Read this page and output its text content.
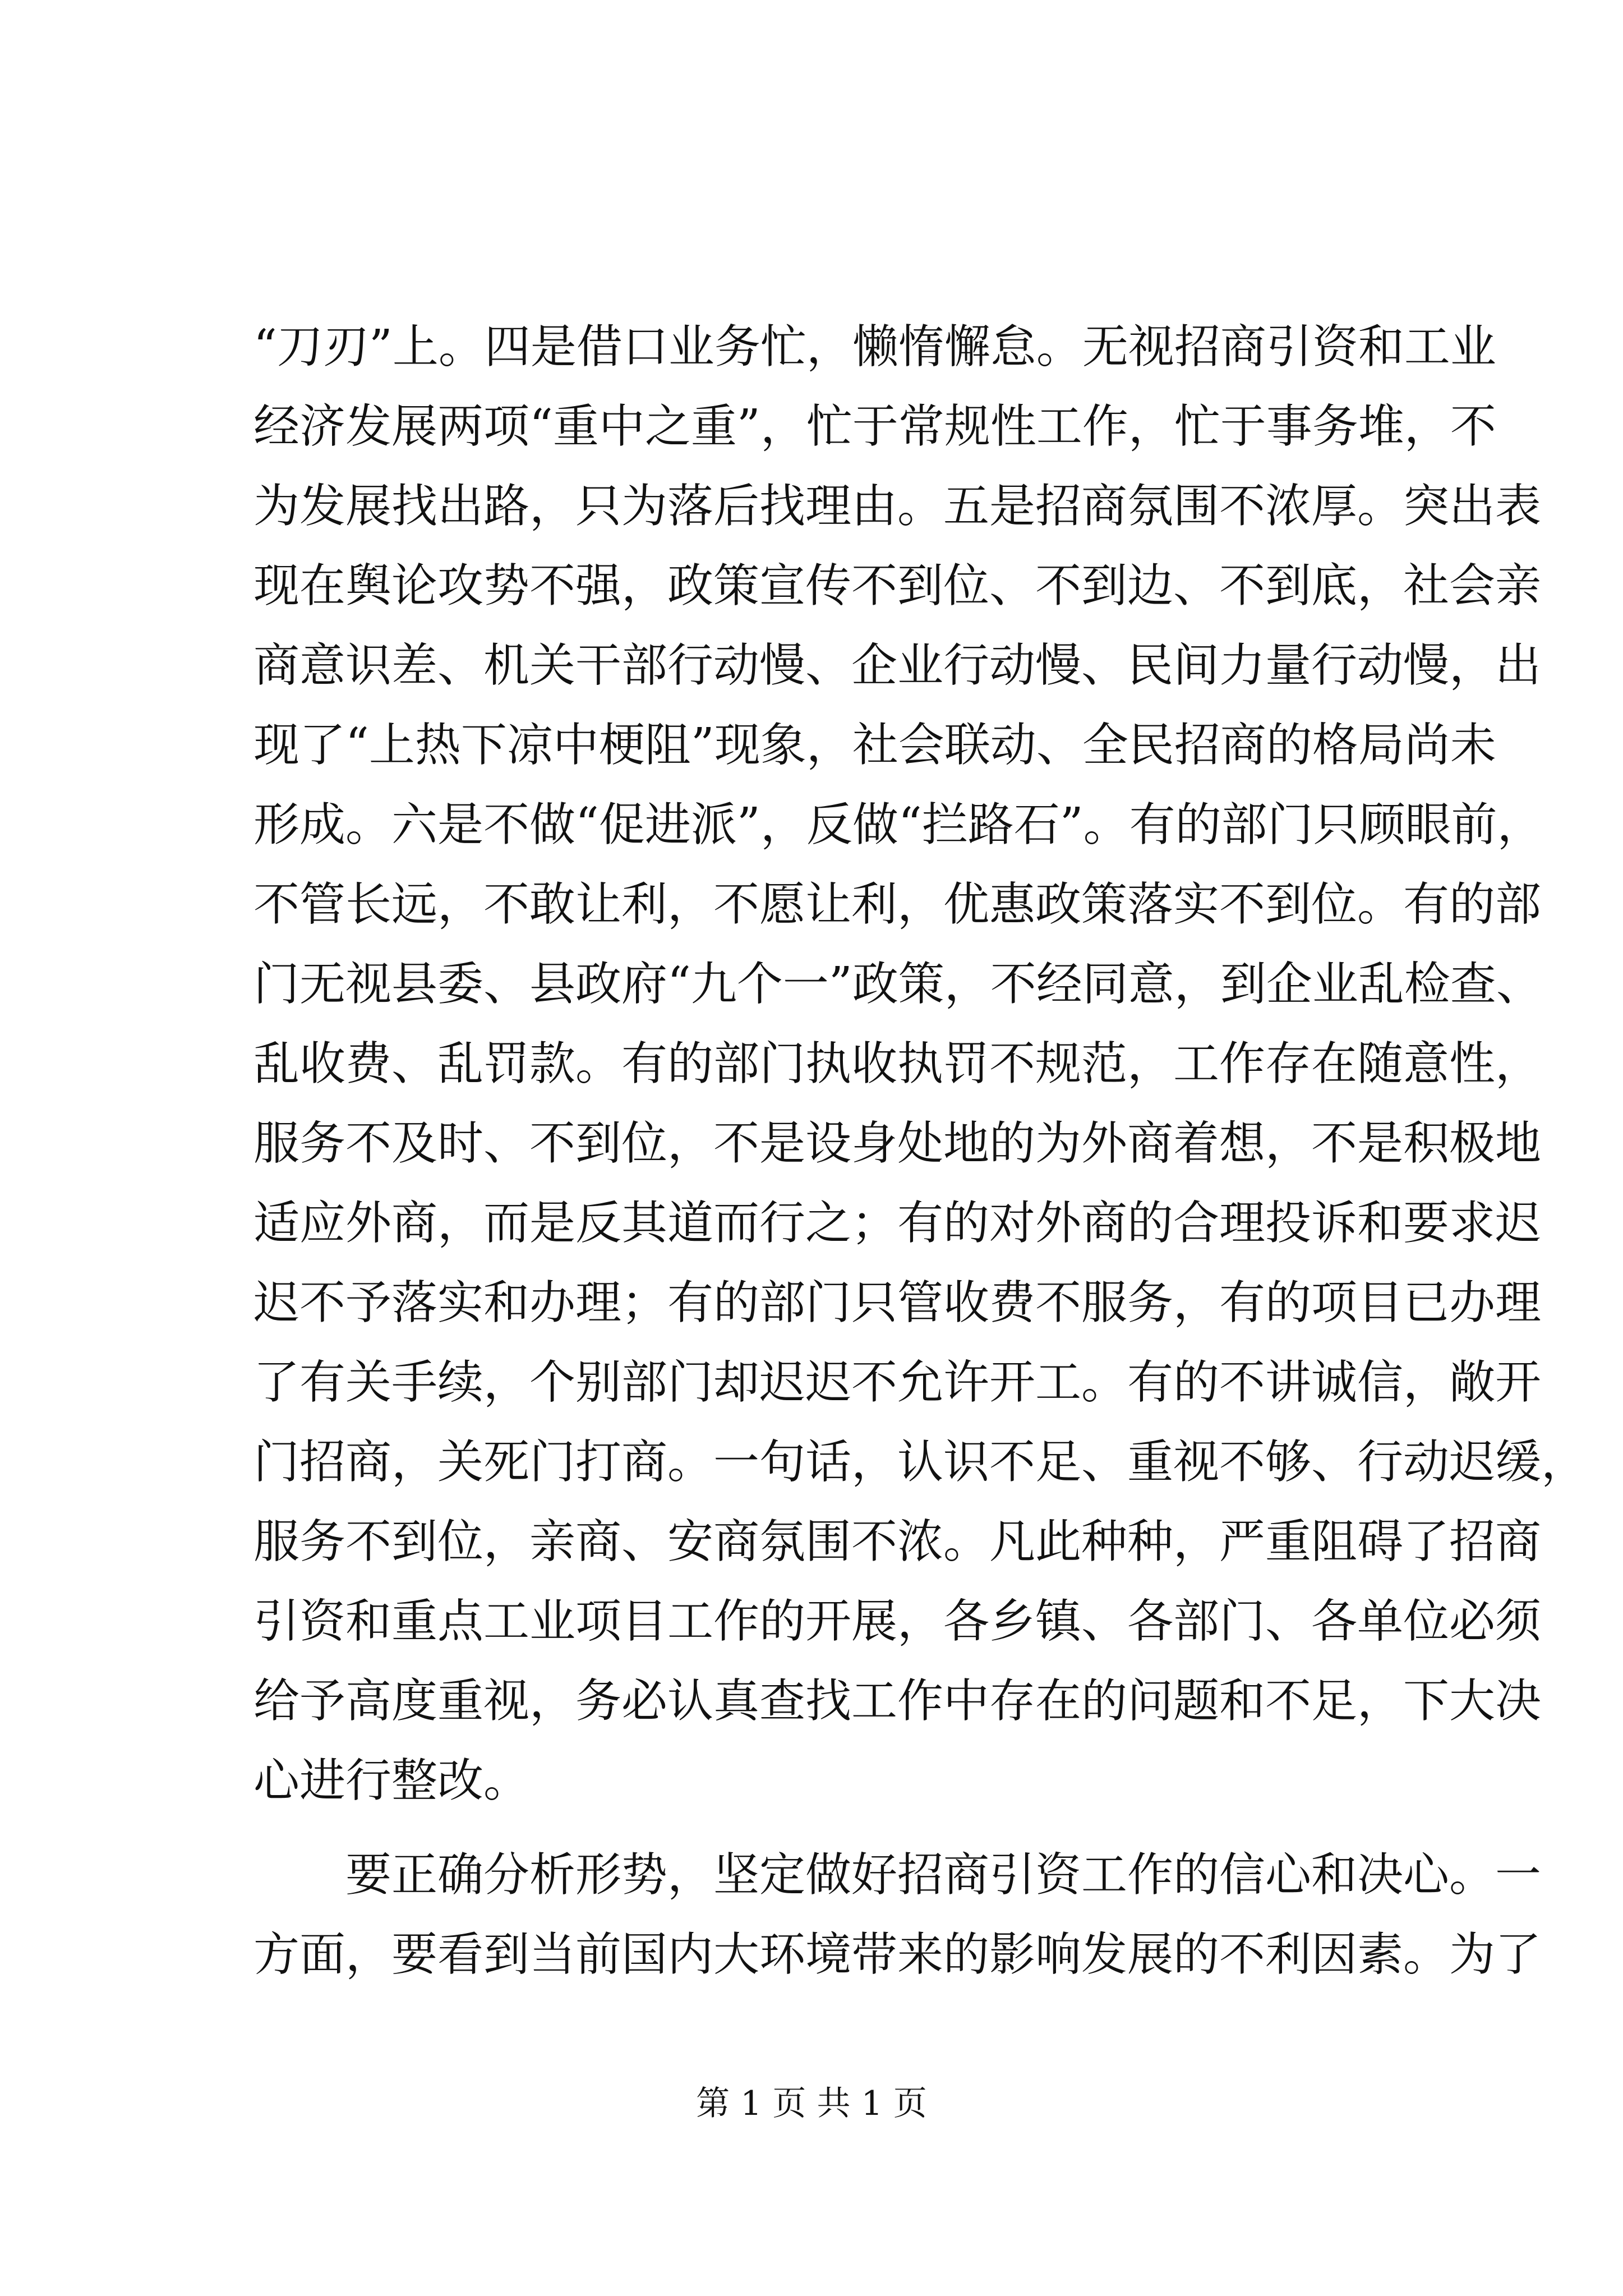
“刀刃”上。四是借口业务忙，懒惰懈怠。无视招商引资和工业
经济发展两项“重中之重”，忙于常规性工作，忙于事务堆，不
为发展找出路，只为落后找理由。五是招商氛围不浓厚。突出表
现在舆论攻势不强，政策宣传不到位、不到边、不到底，社会亲
商意识差、机关干部行动慢、企业行动慢、民间力量行动慢，出
现了“上热下凉中梗阻”现象，社会联动、全民招商的格局尚未
形成。六是不做“促进派”，反做“拦路石”。有的部门只顾眼前，
不管长远，不敢让利，不愿让利，优惠政策落实不到位。有的部
门无视县委、县政府“九个一”政策，不经同意，到企业乱检查、
乱收费、乱罚款。有的部门执收执罚不规范，工作存在随意性，
服务不及时、不到位，不是设身处地的为外商着想，不是积极地
适应外商，而是反其道而行之；有的对外商的合理投诉和要求迟
迟不予落实和办理；有的部门只管收费不服务，有的项目已办理
了有关手续，个别部门却迟迟不允许开工。有的不讲诚信，敞开
门招商，关死门打商。一句话，认识不足、重视不够、行动迟缓，
服务不到位，亲商、安商氛围不浓。凡此种种，严重阻碍了招商
引资和重点工业项目工作的开展，各乡镇、各部门、各单位必须
给予高度重视，务必认真查找工作中存在的问题和不足，下大决
心进行整改。
要正确分析形势，坚定做好招商引资工作的信心和决心。一
方面，要看到当前国内大环境带来的影响发展的不利因素。为了
第 1 页 共 1 页
